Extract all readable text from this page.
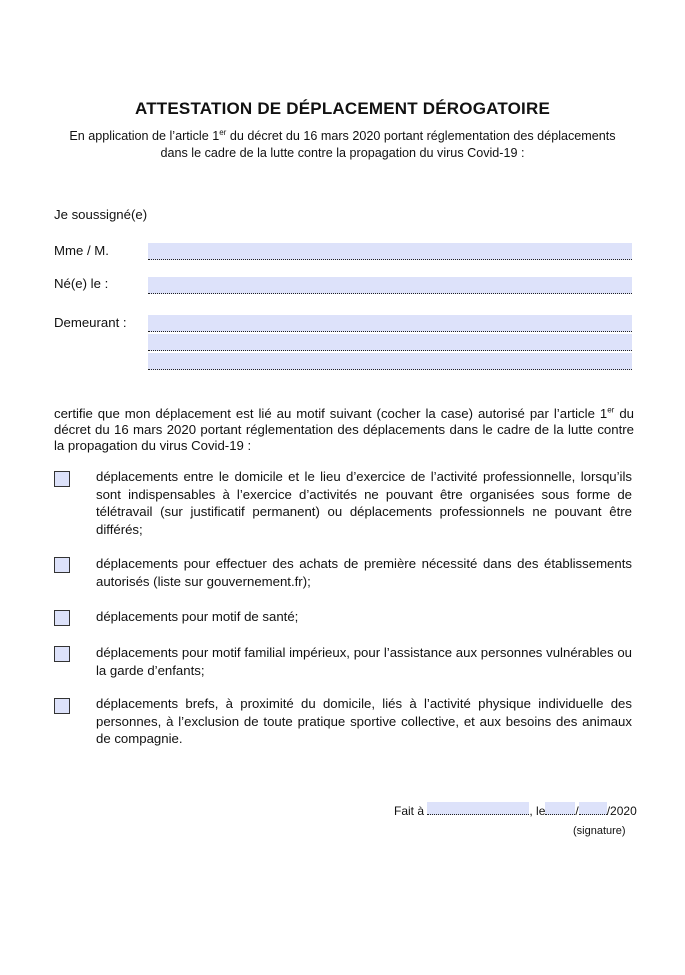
ATTESTATION DE DÉPLACEMENT DÉROGATOIRE
En application de l’article 1er du décret du 16 mars 2020 portant réglementation des déplacements dans le cadre de la lutte contre la propagation du virus Covid-19 :
Je soussigné(e)
Mme / M.
Né(e) le :
Demeurant :
certifie que mon déplacement est lié au motif suivant (cocher la case) autorisé par l’article 1er du décret du 16 mars 2020 portant réglementation des déplacements dans le cadre de la lutte contre la propagation du virus Covid-19 :
déplacements entre le domicile et le lieu d’exercice de l’activité professionnelle, lorsqu’ils sont indispensables à l’exercice d’activités ne pouvant être organisées sous forme de télétravail (sur justificatif permanent) ou déplacements professionnels ne pouvant être différés;
déplacements pour effectuer des achats de première nécessité dans des établissements autorisés (liste sur gouvernement.fr);
déplacements pour motif de santé;
déplacements pour motif familial impérieux, pour l’assistance aux personnes vulnérables ou la garde d’enfants;
déplacements brefs, à proximité du domicile, liés à l’activité physique individuelle des personnes, à l’exclusion de toute pratique sportive collective, et aux besoins des animaux de compagnie.
Fait à	, le	/ /2020
(signature)
